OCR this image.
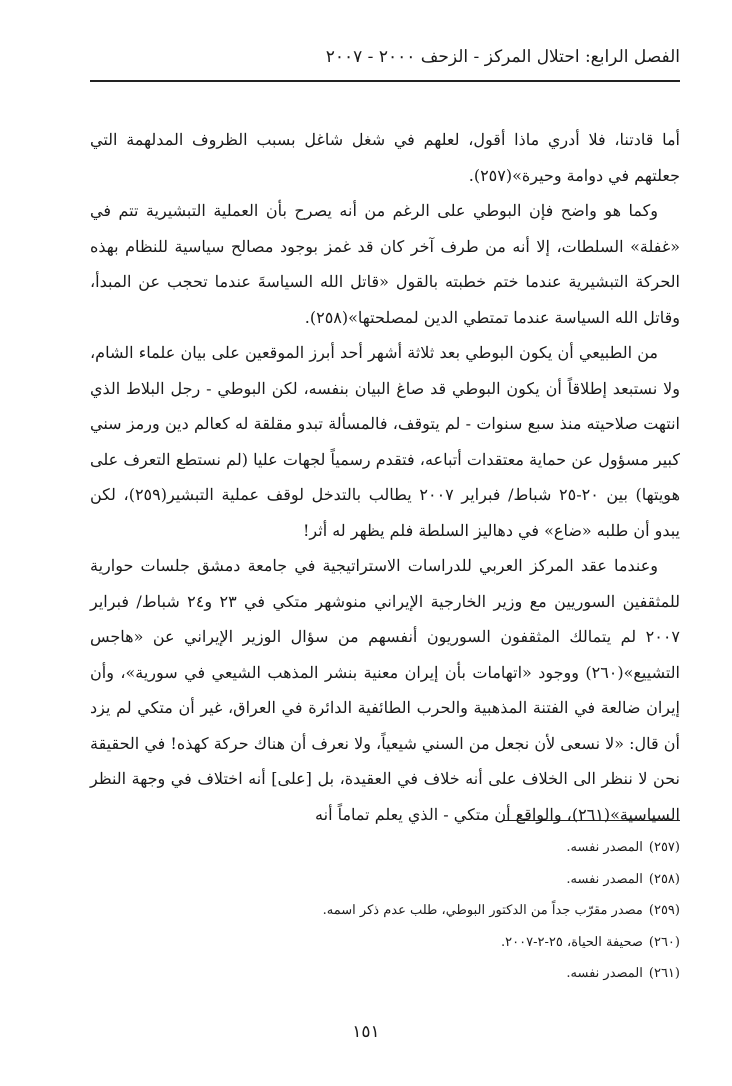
الفصل الرابع: احتلال المركز - الزحف ٢٠٠٠ - ٢٠٠٧

أما قادتنا، فلا أدري ماذا أقول، لعلهم في شغل شاغل بسبب الظروف المدلهمة التي جعلتهم في دوامة وحيرة»(٢٥٧).

وكما هو واضح فإن البوطي على الرغم من أنه يصرح بأن العملية التبشيرية تتم في «غفلة» السلطات، إلا أنه من طرف آخر كان قد غمز بوجود مصالح سياسية للنظام بهذه الحركة التبشيرية عندما ختم خطبته بالقول «قاتل الله السياسةَ عندما تحجب عن المبدأ، وقاتل الله السياسة عندما تمتطي الدين لمصلحتها»(٢٥٨).

من الطبيعي أن يكون البوطي بعد ثلاثة أشهر أحد أبرز الموقعين على بيان علماء الشام، ولا نستبعد إطلاقاً أن يكون البوطي قد صاغ البيان بنفسه، لكن البوطي - رجل البلاط الذي انتهت صلاحيته منذ سبع سنوات - لم يتوقف، فالمسألة تبدو مقلقة له كعالم دين ورمز سني كبير مسؤول عن حماية معتقدات أتباعه، فتقدم رسمياً لجهات عليا (لم نستطع التعرف على هويتها) بين ٢٠-٢٥ شباط/ فبراير ٢٠٠٧ يطالب بالتدخل لوقف عملية التبشير(٢٥٩)، لكن يبدو أن طلبه «ضاع» في دهاليز السلطة فلم يظهر له أثر!

وعندما عقد المركز العربي للدراسات الاستراتيجية في جامعة دمشق جلسات حوارية للمثقفين السوريين مع وزير الخارجية الإيراني منوشهر متكي في ٢٣ و٢٤ شباط/ فبراير ٢٠٠٧ لم يتمالك المثقفون السوريون أنفسهم من سؤال الوزير الإيراني عن «هاجس التشييع»(٢٦٠) ووجود «اتهامات بأن إيران معنية بنشر المذهب الشيعي في سورية»، وأن إيران ضالعة في الفتنة المذهبية والحرب الطائفية الدائرة في العراق، غير أن متكي لم يزد أن قال: «لا نسعى لأن نجعل من السني شيعياً، ولا نعرف أن هناك حركة كهذه! في الحقيقة نحن لا ننظر الى الخلاف على أنه خلاف في العقيدة، بل [على] أنه اختلاف في وجهة النظر السياسية»(٢٦١)، والواقع أن متكي - الذي يعلم تماماً أنه

(٢٥٧)المصدر نفسه.
(٢٥٨)المصدر نفسه.
(٢٥٩)مصدر مقرّب جداً من الدكتور البوطي، طلب عدم ذكر اسمه.
(٢٦٠)صحيفة الحياة، ٢٥-٢-٢٠٠٧.
(٢٦١)المصدر نفسه.
١٥١
